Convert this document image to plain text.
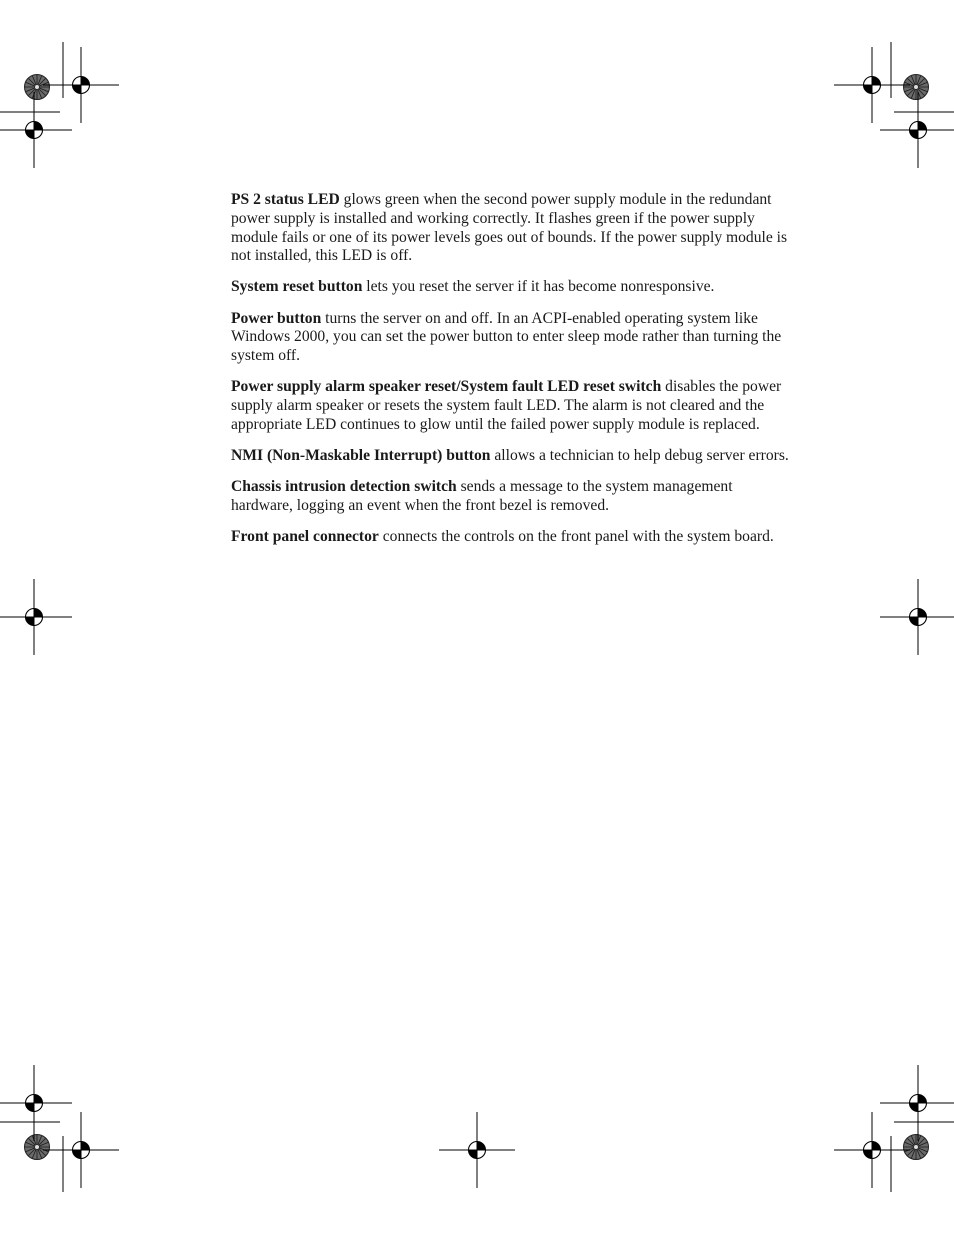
PS 2 status LED glows green when the second power supply module in the redundant power supply is installed and working correctly. It flashes green if the power supply module fails or one of its power levels goes out of bounds. If the power supply module is not installed, this LED is off.

System reset button lets you reset the server if it has become nonresponsive.

Power button turns the server on and off. In an ACPI-enabled operating system like Windows 2000, you can set the power button to enter sleep mode rather than turning the system off.

Power supply alarm speaker reset/System fault LED reset switch disables the power supply alarm speaker or resets the system fault LED. The alarm is not cleared and the appropriate LED continues to glow until the failed power supply module is replaced.

NMI (Non-Maskable Interrupt) button allows a technician to help debug server errors.

Chassis intrusion detection switch sends a message to the system management hardware, logging an event when the front bezel is removed.

Front panel connector connects the controls on the front panel with the system board.
